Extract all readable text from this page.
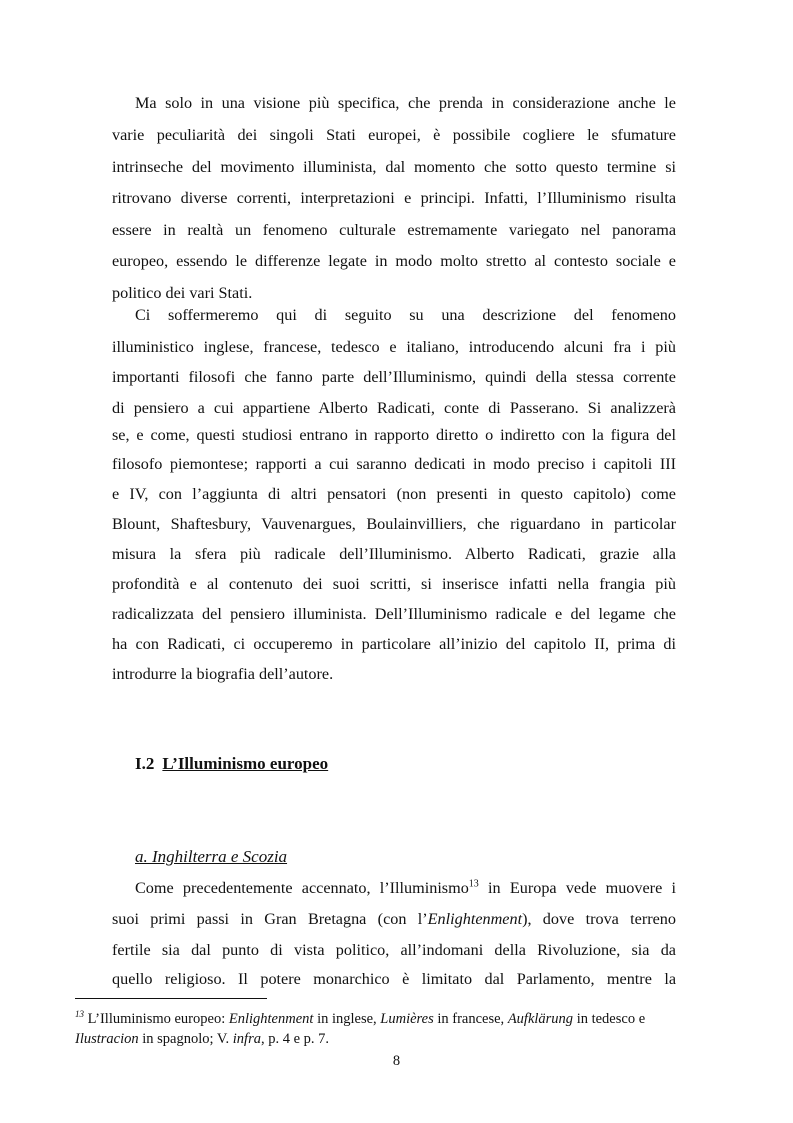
Ma solo in una visione più specifica, che prenda in considerazione anche le
varie peculiarità dei singoli Stati europei, è possibile cogliere le sfumature
intrinseche del movimento illuminista, dal momento che sotto questo termine si
ritrovano diverse correnti, interpretazioni e principi. Infatti, l’Illuminismo risulta
essere in realtà un fenomeno culturale estremamente variegato nel panorama
europeo, essendo le differenze legate in modo molto stretto al contesto sociale e
politico dei vari Stati.
Ci soffermeremo qui di seguito su una descrizione del fenomeno
illuministico inglese, francese, tedesco e italiano, introducendo alcuni fra i più
importanti filosofi che fanno parte dell’Illuminismo, quindi della stessa corrente
di pensiero a cui appartiene Alberto Radicati, conte di Passerano. Si analizzerà
se, e come, questi studiosi entrano in rapporto diretto o indiretto con la figura del
filosofo piemontese; rapporti a cui saranno dedicati in modo preciso i capitoli III
e IV, con l’aggiunta di altri pensatori (non presenti in questo capitolo) come
Blount, Shaftesbury, Vauvenargues, Boulainvilliers, che riguardano in particolar
misura la sfera più radicale dell’Illuminismo. Alberto Radicati, grazie alla
profondità e al contenuto dei suoi scritti, si inserisce infatti nella frangia più
radicalizzata del pensiero illuminista. Dell’Illuminismo radicale e del legame che
ha con Radicati, ci occuperemo in particolare all’inizio del capitolo II, prima di
introdurre la biografia dell’autore.
I.2 L’Illuminismo europeo
a. Inghilterra e Scozia
Come precedentemente accennato, l’Illuminismo$^{13}$ in Europa vede muovere i
suoi primi passi in Gran Bretagna (con l’Enlightenment), dove trova terreno
fertile sia dal punto di vista politico, all’indomani della Rivoluzione, sia da
quello religioso. Il potere monarchico è limitato dal Parlamento, mentre la
$^{13}$ L’Illuminismo europeo: Enlightenment in inglese, Lumières in francese, Aufklärung in tedesco e
Ilustracion in spagnolo; V. infra, p. 4 e p. 7.
8
